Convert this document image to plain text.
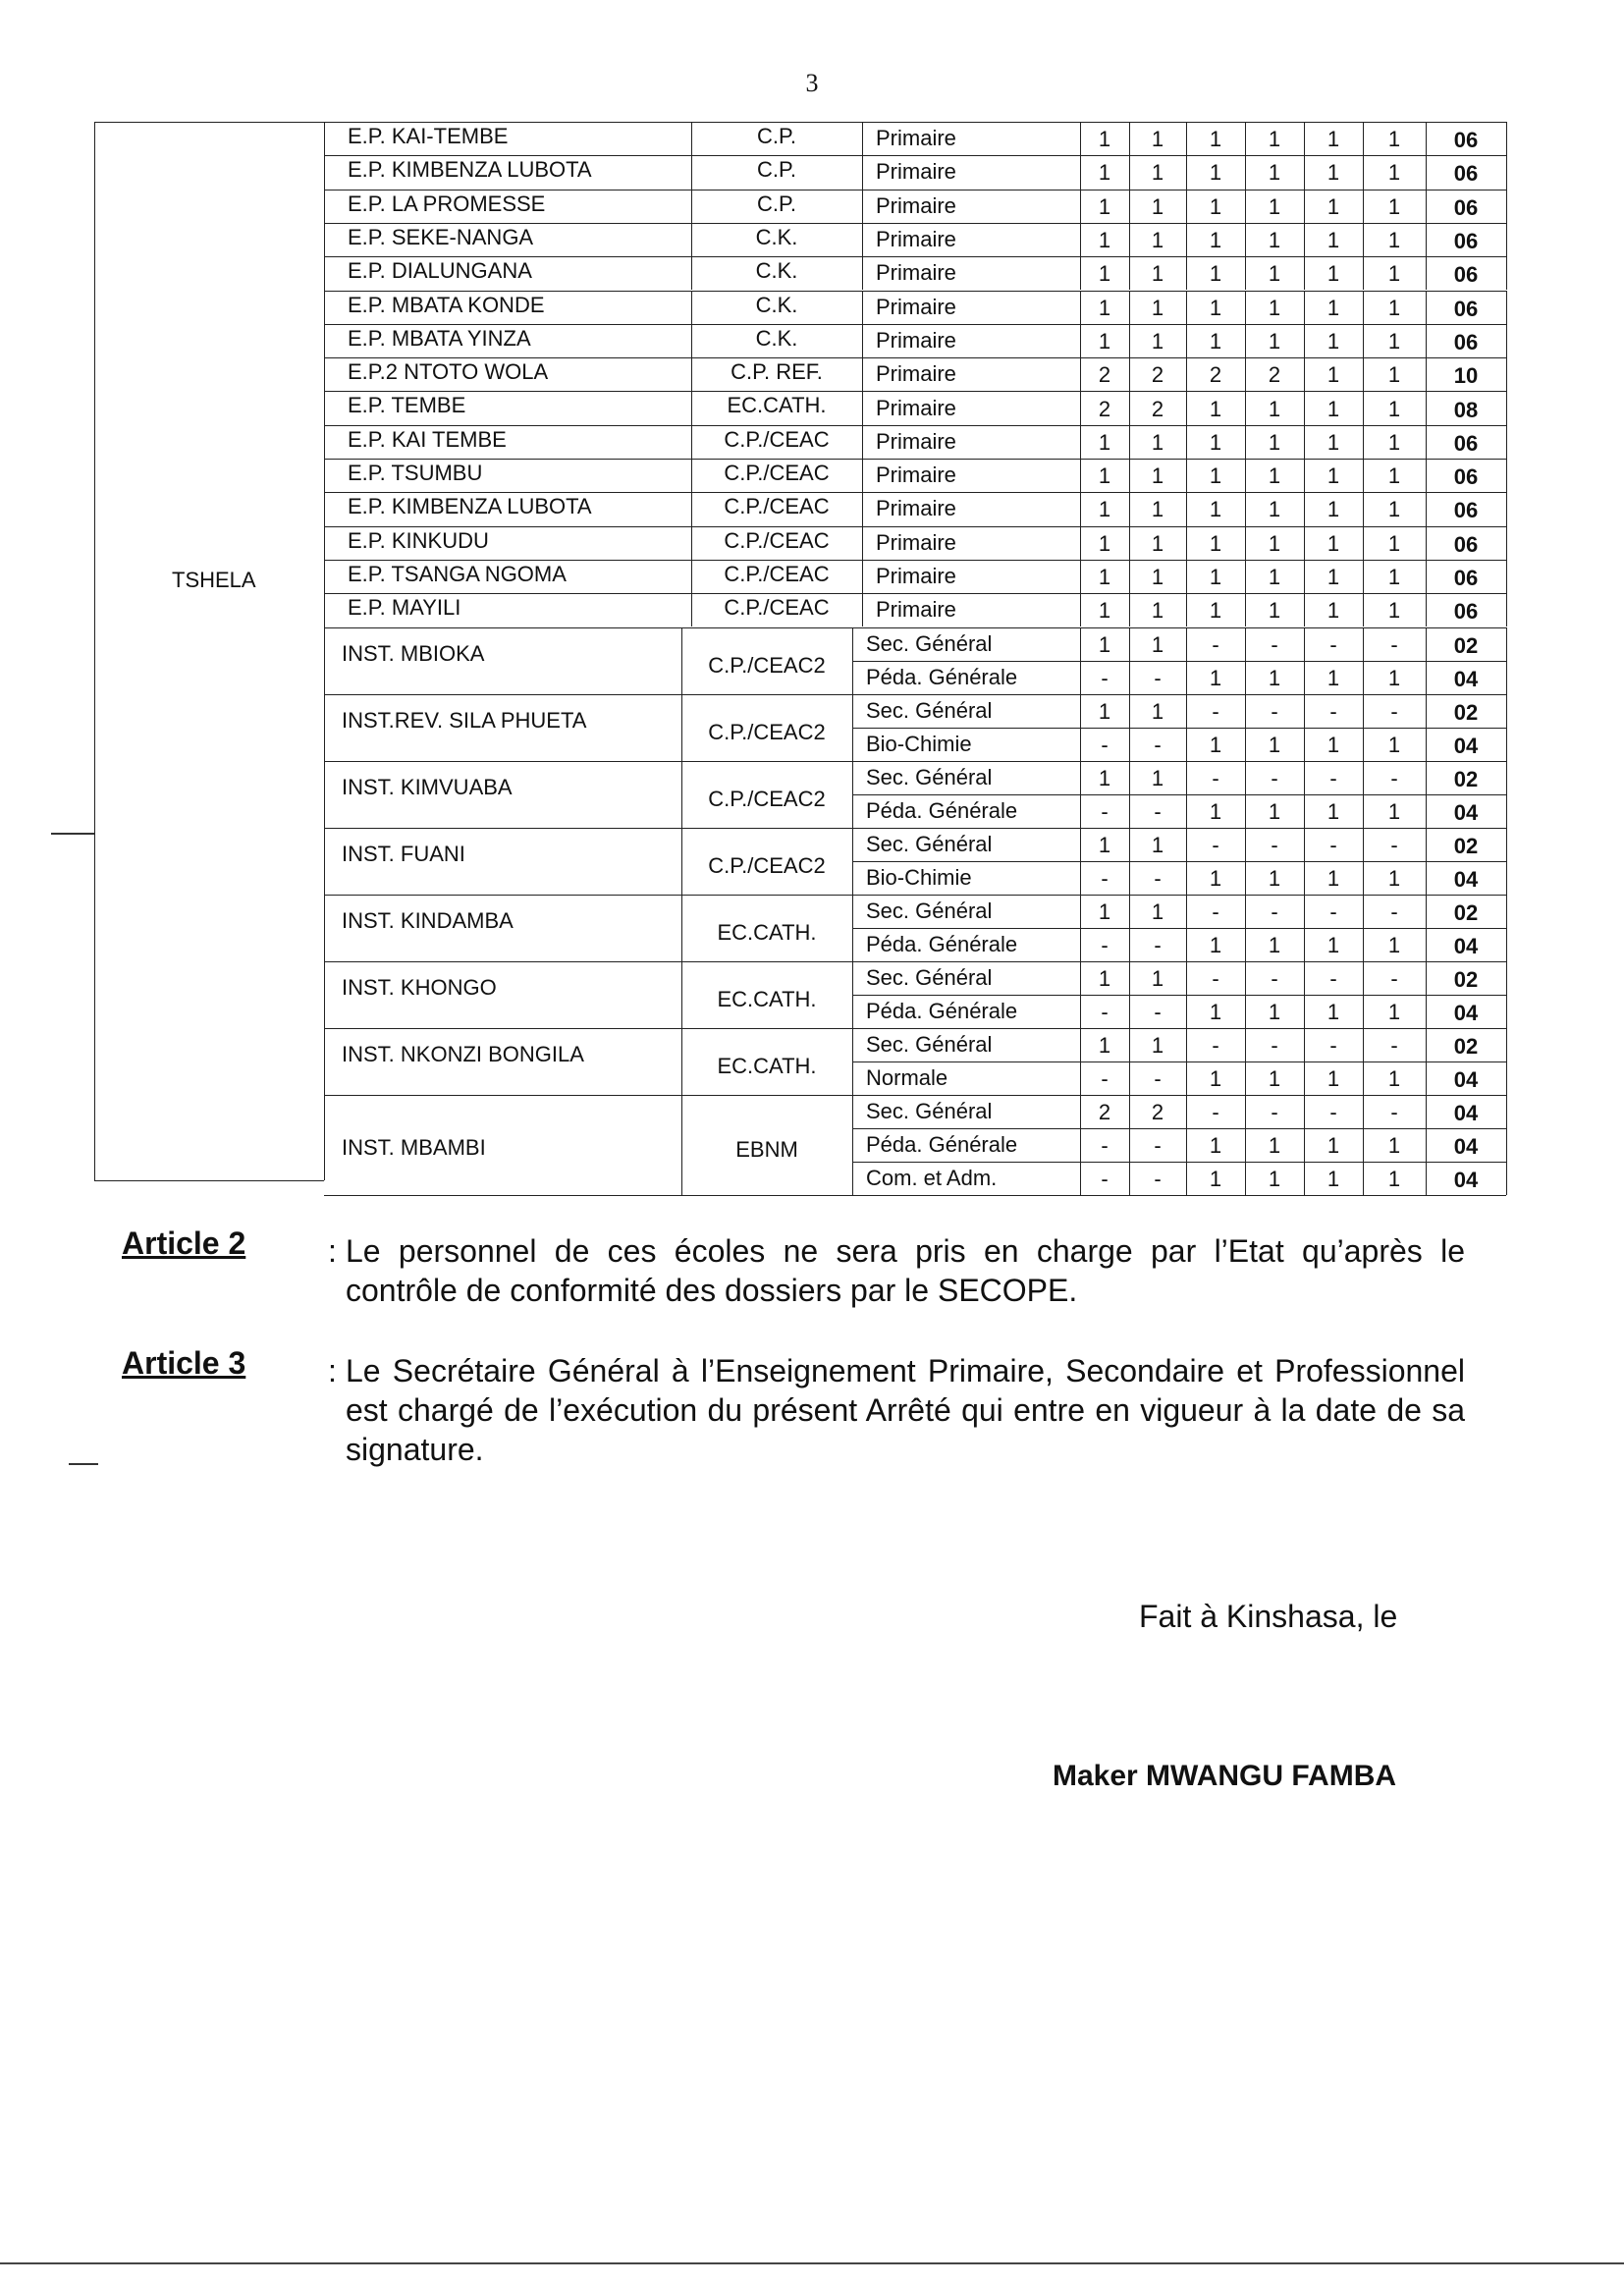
3
E.P. KAI-TEMBE	C.P.	Primaire	1	1	1	1	1	1	06
E.P. KIMBENZA LUBOTA	C.P.	Primaire	1	1	1	1	1	1	06
E.P. LA PROMESSE	C.P.	Primaire	1	1	1	1	1	1	06
E.P. SEKE-NANGA	C.K.	Primaire	1	1	1	1	1	1	06
E.P. DIALUNGANA	C.K.	Primaire	1	1	1	1	1	1	06
E.P. MBATA KONDE	C.K.	Primaire	1	1	1	1	1	1	06
E.P. MBATA YINZA	C.K.	Primaire	1	1	1	1	1	1	06
E.P.2 NTOTO WOLA	C.P. REF.	Primaire	2	2	2	2	1	1	10
E.P. TEMBE	EC.CATH.	Primaire	2	2	1	1	1	1	08
E.P. KAI TEMBE	C.P./CEAC	Primaire	1	1	1	1	1	1	06
E.P. TSUMBU	C.P./CEAC	Primaire	1	1	1	1	1	1	06
E.P. KIMBENZA LUBOTA	C.P./CEAC	Primaire	1	1	1	1	1	1	06
E.P. KINKUDU	C.P./CEAC	Primaire	1	1	1	1	1	1	06
E.P. TSANGA NGOMA	C.P./CEAC	Primaire	1	1	1	1	1	1	06
E.P. MAYILI	C.P./CEAC	Primaire	1	1	1	1	1	1	06
INST. MBIOKA	C.P./CEAC2
Sec. Général	1	1	-	-	-	-	02
Péda. Générale	-	-	1	1	1	1	04
INST.REV. SILA PHUETA	C.P./CEAC2
Sec. Général	1	1	-	-	-	-	02
Bio-Chimie	-	-	1	1	1	1	04
INST. KIMVUABA	C.P./CEAC2
Sec. Général	1	1	-	-	-	-	02
Péda. Générale	-	-	1	1	1	1	04
INST. FUANI	C.P./CEAC2
Sec. Général	1	1	-	-	-	-	02
Bio-Chimie	-	-	1	1	1	1	04
INST. KINDAMBA	EC.CATH.
Sec. Général	1	1	-	-	-	-	02
Péda. Générale	-	-	1	1	1	1	04
INST. KHONGO	EC.CATH.
Sec. Général	1	1	-	-	-	-	02
Péda. Générale	-	-	1	1	1	1	04
INST. NKONZI BONGILA	EC.CATH.
Sec. Général	1	1	-	-	-	-	02
Normale	-	-	1	1	1	1	04
INST. MBAMBI	EBNM
Sec. Général	2	2	-	-	-	-	04
Péda. Générale	-	-	1	1	1	1	04
Com. et Adm.	-	-	1	1	1	1	04
TSHELA
Article 2	: Le personnel de ces écoles ne sera pris en charge par l’Etat qu’après le contrôle de conformité des dossiers par le SECOPE.
Article 3	: Le Secrétaire Général à l’Enseignement Primaire, Secondaire et Professionnel est chargé de l’exécution du présent Arrêté qui entre en vigueur à la date de sa signature.
Fait à Kinshasa, le
Maker MWANGU FAMBA
